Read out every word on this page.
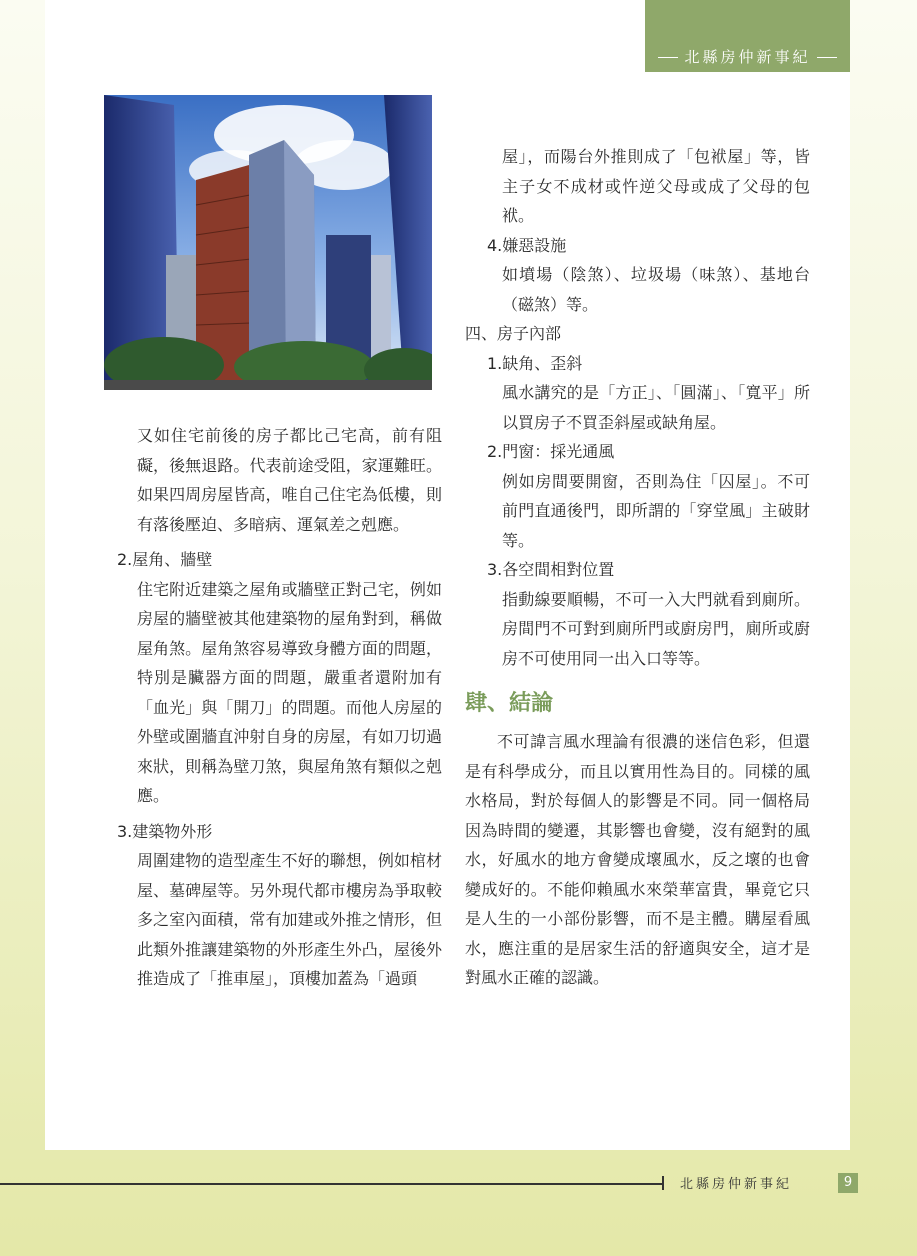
北縣房仲新事紀

又如住宅前後的房子都比己宅高，前有阻礙，後無退路。代表前途受阻，家運難旺。如果四周房屋皆高，唯自己住宅為低樓，則有落後壓迫、多暗病、運氣差之剋應。

2.屋角、牆壁

住宅附近建築之屋角或牆壁正對己宅，例如房屋的牆壁被其他建築物的屋角對到，稱做屋角煞。屋角煞容易導致身體方面的問題，特別是臟器方面的問題，嚴重者還附加有「血光」與「開刀」的問題。而他人房屋的外壁或圍牆直沖射自身的房屋，有如刀切過來狀，則稱為壁刀煞，與屋角煞有類似之剋應。

3.建築物外形

周圍建物的造型產生不好的聯想，例如棺材屋、墓碑屋等。另外現代都市樓房為爭取較多之室內面積，常有加建或外推之情形，但此類外推讓建築物的外形產生外凸，屋後外推造成了「推車屋」，頂樓加蓋為「過頭

屋」，而陽台外推則成了「包袱屋」等，皆主子女不成材或忤逆父母或成了父母的包袱。

4.嫌惡設施

如墳場（陰煞）、垃圾場（味煞）、基地台（磁煞）等。

四、房子內部

1.缺角、歪斜

風水講究的是「方正」、「圓滿」、「寬平」所以買房子不買歪斜屋或缺角屋。

2.門窗：採光通風

例如房間要開窗，否則為住「囚屋」。不可前門直通後門，即所謂的「穿堂風」主破財等。

3.各空間相對位置

指動線要順暢，不可一入大門就看到廁所。房間門不可對到廁所門或廚房門，廁所或廚房不可使用同一出入口等等。

肆、結論

不可諱言風水理論有很濃的迷信色彩，但還是有科學成分，而且以實用性為目的。同樣的風水格局，對於每個人的影響是不同。同一個格局因為時間的變遷，其影響也會變，沒有絕對的風水，好風水的地方會變成壞風水，反之壞的也會變成好的。不能仰賴風水來榮華富貴，畢竟它只是人生的一小部份影響，而不是主體。購屋看風水，應注重的是居家生活的舒適與安全，這才是對風水正確的認識。

北縣房仲新事紀	9
